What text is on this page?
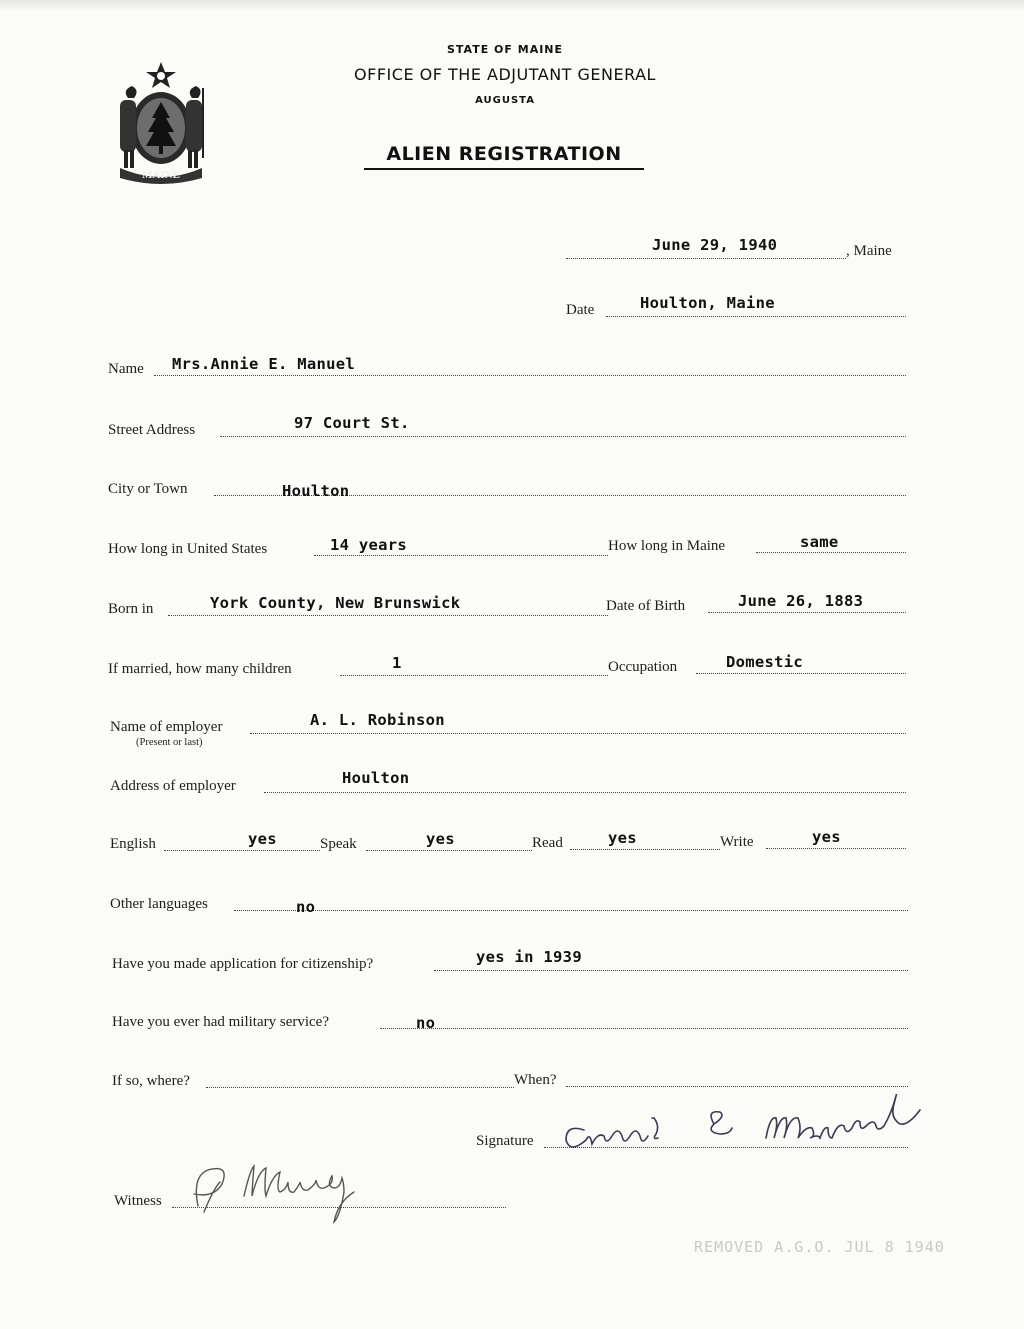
MAINE
STATE OF MAINE
OFFICE OF THE ADJUTANT GENERAL
AUGUSTA
ALIEN REGISTRATION
June 29, 1940	, Maine
Date	Houlton, Maine
Name Mrs.Annie E. Manuel
Street Address	97 Court St.
City or Town	Houlton
How long in United States	14 years	How long in Maine	same
Born in	York County, New Brunswick	Date of Birth	June 26, 1883
If married, how many children	1	Occupation	Domestic
Name of employer
(Present or last)
A. L. Robinson
Address of employer	Houlton
English	yes	Speak	yes	Read	yes	Write	yes
Other languages	no
Have you made application for citizenship?	yes in 1939
Have you ever had military service?	no
If so, where?	When?
Signature
Witness
REMOVED A.G.O. JUL 8 1940
